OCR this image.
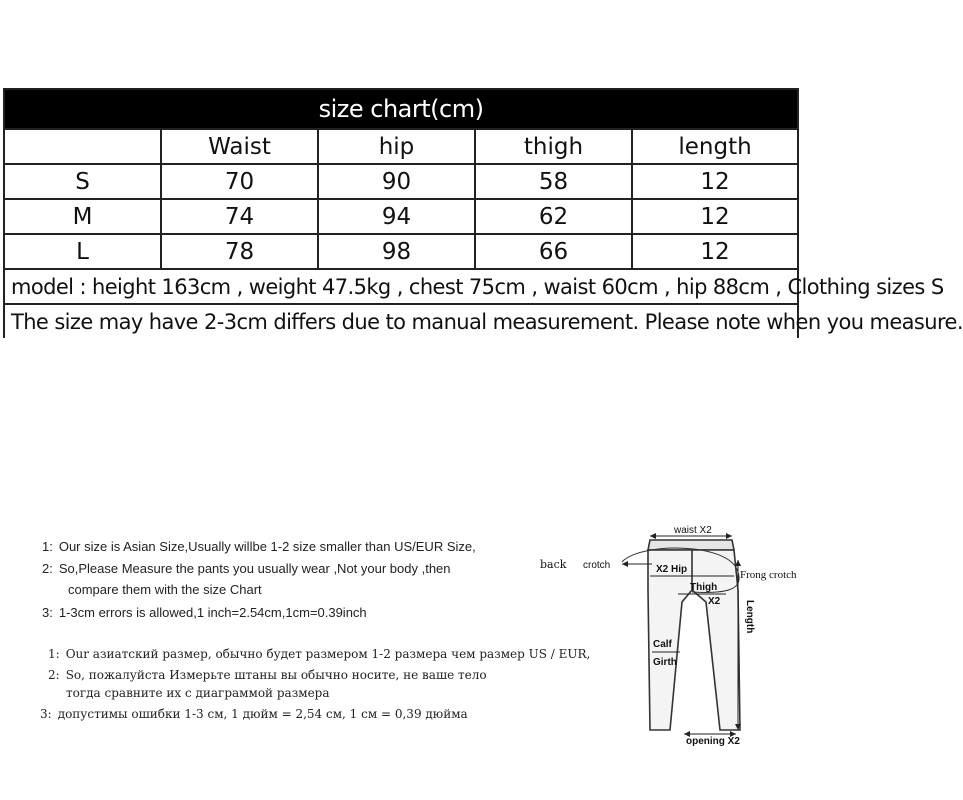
size chart(cm)				
	Waist	hip	thigh	length
S	70	90	58	12
M	74	94	62	12
L	78	98	66	12
model : height 163cm , weight 47.5kg , chest 75cm , waist 60cm , hip 88cm , Clothing sizes S				
The size may have 2-3cm differs due to manual measurement. Please note when you measure.				
1: Our size is Asian Size,Usually willbe 1-2 size smaller than US/EUR Size,
2: So,Please Measure the pants you usually wear ,Not your body ,then
compare them with the size Chart
3: 1-3cm errors is allowed,1 inch=2.54cm,1cm=0.39inch
1: Our азиатский размер, обычно будет размером 1-2 размера чем размер US / EUR,
2: So, пожалуйста Измерьте штаны вы обычно носите, не ваше тело
тогда сравните их с диаграммой размера
3: допустимы ошибки 1-3 см, 1 дюйм = 2,54 см, 1 см = 0,39 дюйма
waist X2
back crotch	X2 Hip	Frong crotch
Thigh
X2 Length
Calf
Girth
opening X2
